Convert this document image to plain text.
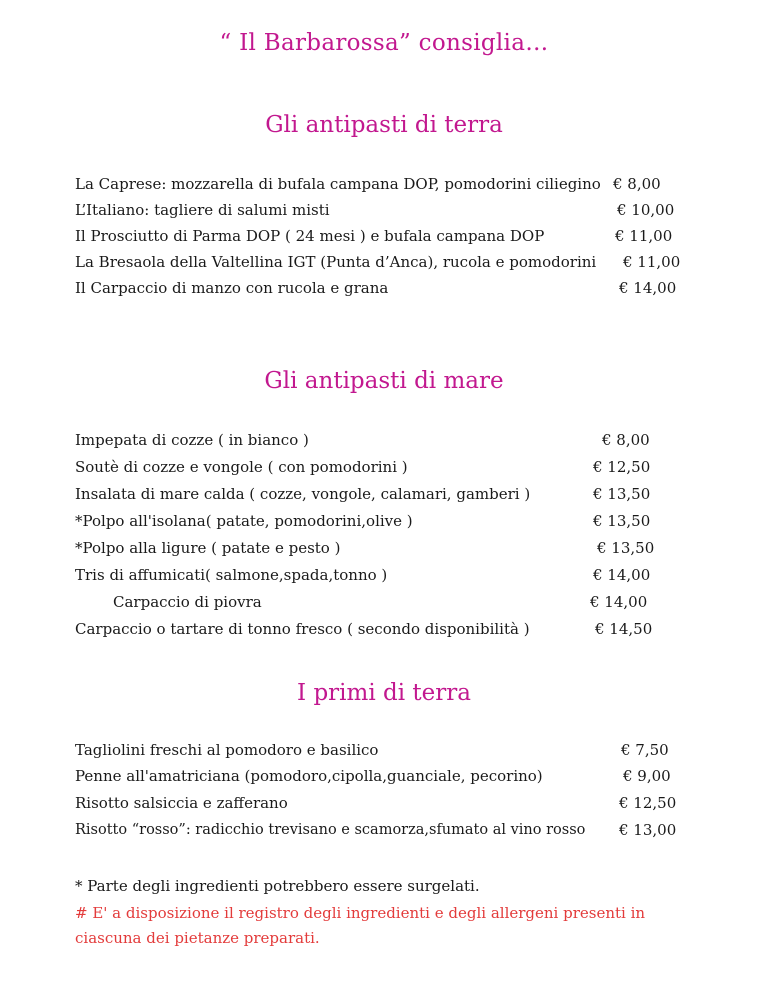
“ Il Barbarossa” consiglia…
Gli antipasti di terra
La Caprese: mozzarella di bufala campana DOP, pomodorini ciliegino € 8,00
L’Italiano: tagliere di salumi misti	€ 10,00
Il Prosciutto di Parma DOP ( 24 mesi ) e bufala campana DOP	€ 11,00
La Bresaola della Valtellina IGT (Punta d’Anca), rucola e pomodorini € 11,00
Il Carpaccio di manzo con rucola e grana	€ 14,00
Gli antipasti di mare
Impepata di cozze ( in bianco )	€ 8,00
Soutè di cozze e vongole ( con pomodorini )	€ 12,50
Insalata di mare calda ( cozze, vongole, calamari, gamberi )	€ 13,50
*Polpo all'isolana( patate, pomodorini,olive )	€ 13,50
*Polpo alla ligure ( patate e pesto )	€ 13,50
Tris di affumicati( salmone,spada,tonno )	€ 14,00
Carpaccio di piovra	€ 14,00
Carpaccio o tartare di tonno fresco ( secondo disponibilità )	€ 14,50
I primi di terra
Tagliolini freschi al pomodoro e basilico	€ 7,50
Penne all'amatriciana (pomodoro,cipolla,guanciale, pecorino)	€ 9,00
Risotto salsiccia e zafferano	€ 12,50
Risotto “rosso”: radicchio trevisano e scamorza,sfumato al vino rosso € 13,00
* Parte degli ingredienti potrebbero essere surgelati.
# E' a disposizione il registro degli ingredienti e degli allergeni presenti in
ciascuna dei pietanze preparati.
